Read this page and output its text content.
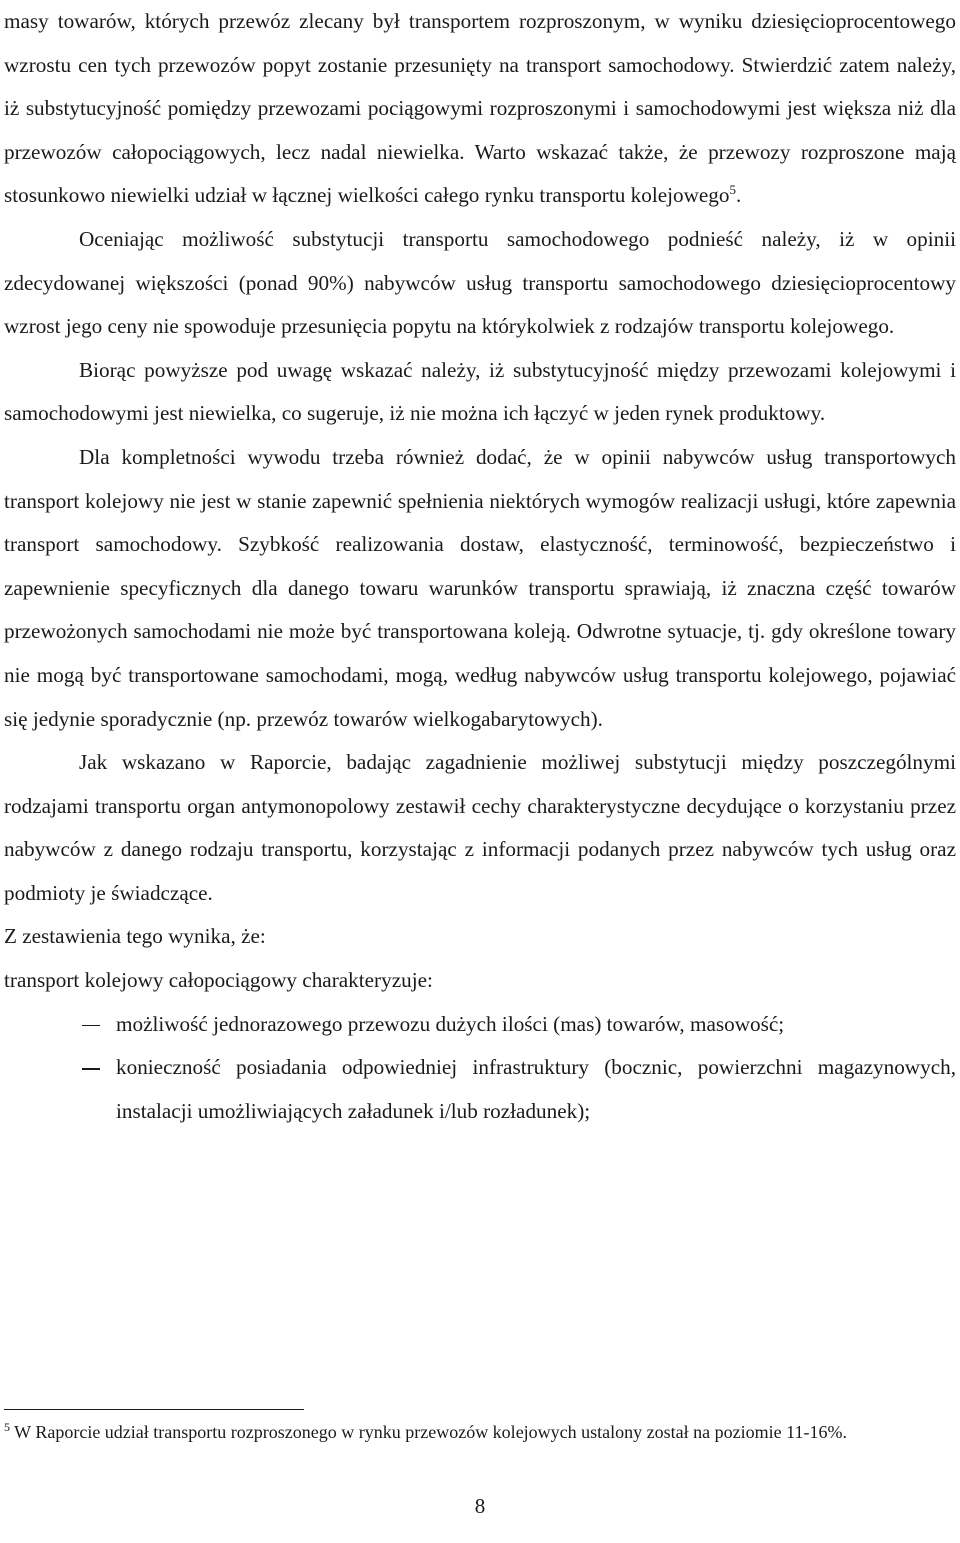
masy towarów, których przewóz zlecany był transportem rozproszonym, w wyniku dziesięcioprocentowego wzrostu cen tych przewozów popyt zostanie przesunięty na transport samochodowy. Stwierdzić zatem należy, iż substytucyjność pomiędzy przewozami pociągowymi rozproszonymi i samochodowymi jest większa niż dla przewozów całopociągowych, lecz nadal niewielka. Warto wskazać także, że przewozy rozproszone mają stosunkowo niewielki udział w łącznej wielkości całego rynku transportu kolejowego$^5$.

Oceniając możliwość substytucji transportu samochodowego podnieść należy, iż w opinii zdecydowanej większości (ponad 90%) nabywców usług transportu samochodowego dziesięcioprocentowy wzrost jego ceny nie spowoduje przesunięcia popytu na którykolwiek z rodzajów transportu kolejowego.

Biorąc powyższe pod uwagę wskazać należy, iż substytucyjność między przewozami kolejowymi i samochodowymi jest niewielka, co sugeruje, iż nie można ich łączyć w jeden rynek produktowy.

Dla kompletności wywodu trzeba również dodać, że w opinii nabywców usług transportowych transport kolejowy nie jest w stanie zapewnić spełnienia niektórych wymogów realizacji usługi, które zapewnia transport samochodowy. Szybkość realizowania dostaw, elastyczność, terminowość, bezpieczeństwo i zapewnienie specyficznych dla danego towaru warunków transportu sprawiają, iż znaczna część towarów przewożonych samochodami nie może być transportowana koleją. Odwrotne sytuacje, tj. gdy określone towary nie mogą być transportowane samochodami, mogą, według nabywców usług transportu kolejowego, pojawiać się jedynie sporadycznie (np. przewóz towarów wielkogabarytowych).

Jak wskazano w Raporcie, badając zagadnienie możliwej substytucji między poszczególnymi rodzajami transportu organ antymonopolowy zestawił cechy charakterystyczne decydujące o korzystaniu przez nabywców z danego rodzaju transportu, korzystając z informacji podanych przez nabywców tych usług oraz podmioty je świadczące.

Z zestawienia tego wynika, że:

transport kolejowy całopociągowy charakteryzuje:

możliwość jednorazowego przewozu dużych ilości (mas) towarów, masowość;
konieczność posiadania odpowiedniej infrastruktury (bocznic, powierzchni magazynowych, instalacji umożliwiających załadunek i/lub rozładunek);
$^5$ W Raporcie udział transportu rozproszonego w rynku przewozów kolejowych ustalony został na poziomie 11-16%.
8
